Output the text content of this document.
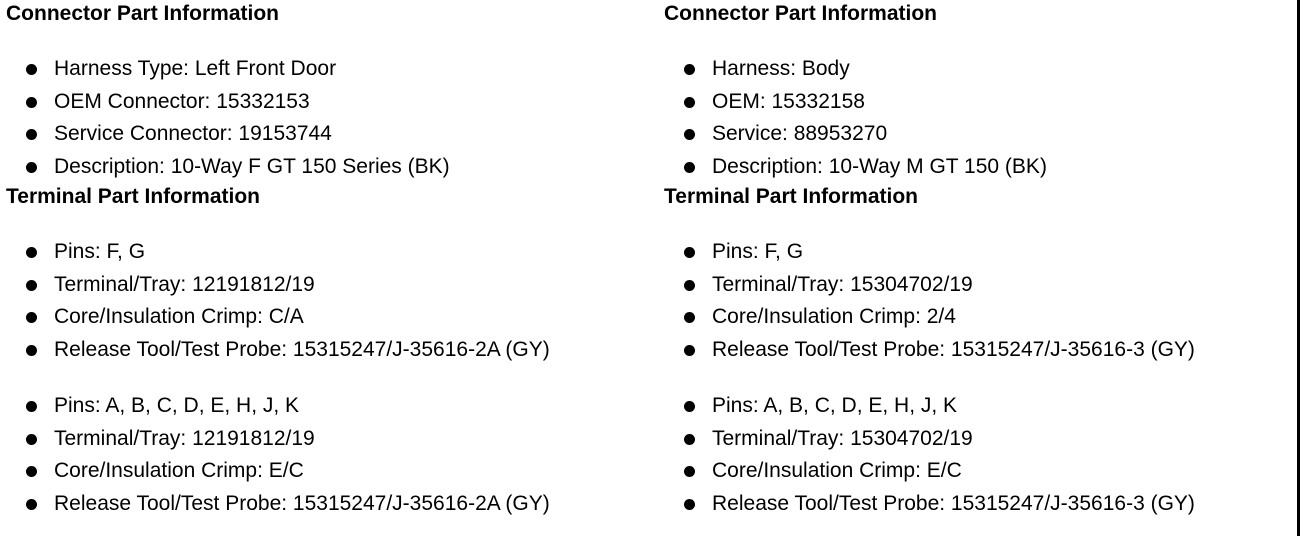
Connector Part Information
Harness Type: Left Front Door
OEM Connector: 15332153
Service Connector: 19153744
Description: 10-Way F GT 150 Series (BK)
Terminal Part Information
Pins: F, G
Terminal/Tray: 12191812/19
Core/Insulation Crimp: C/A
Release Tool/Test Probe: 15315247/J-35616-2A (GY)
Pins: A, B, C, D, E, H, J, K
Terminal/Tray: 12191812/19
Core/Insulation Crimp: E/C
Release Tool/Test Probe: 15315247/J-35616-2A (GY)
Connector Part Information
Harness: Body
OEM: 15332158
Service: 88953270
Description: 10-Way M GT 150 (BK)
Terminal Part Information
Pins: F, G
Terminal/Tray: 15304702/19
Core/Insulation Crimp: 2/4
Release Tool/Test Probe: 15315247/J-35616-3 (GY)
Pins: A, B, C, D, E, H, J, K
Terminal/Tray: 15304702/19
Core/Insulation Crimp: E/C
Release Tool/Test Probe: 15315247/J-35616-3 (GY)
